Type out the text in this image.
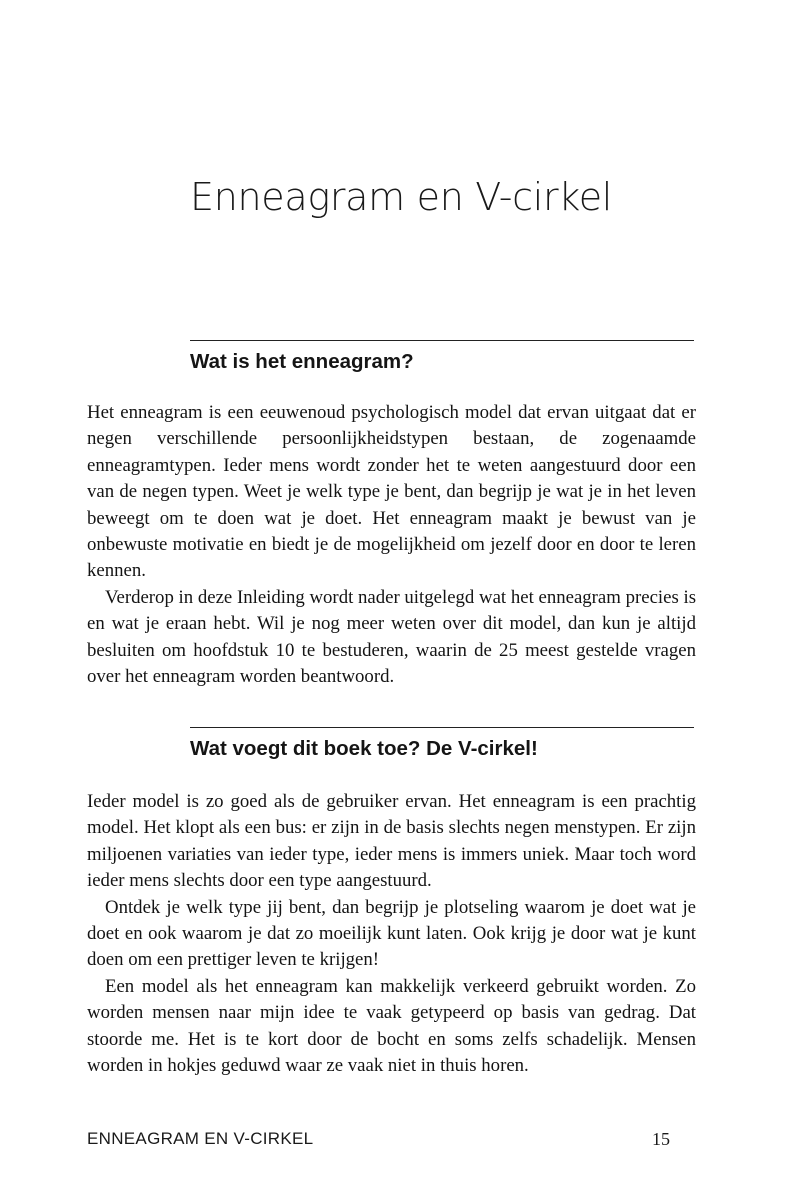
Enneagram en V-cirkel
Wat is het enneagram?

Het enneagram is een eeuwenoud psychologisch model dat ervan uitgaat dat er negen verschillende persoonlijkheidstypen bestaan, de zogenaamde enneagramtypen. Ieder mens wordt zonder het te weten aangestuurd door een van de negen typen. Weet je welk type je bent, dan begrijp je wat je in het leven beweegt om te doen wat je doet. Het enneagram maakt je bewust van je onbewuste motivatie en biedt je de mogelijkheid om jezelf door en door te leren kennen.

Verderop in deze Inleiding wordt nader uitgelegd wat het enneagram precies is en wat je eraan hebt. Wil je nog meer weten over dit model, dan kun je altijd besluiten om hoofdstuk 10 te bestuderen, waarin de 25 meest gestelde vragen over het enneagram worden beantwoord.

Wat voegt dit boek toe? De V-cirkel!

Ieder model is zo goed als de gebruiker ervan. Het enneagram is een prachtig model. Het klopt als een bus: er zijn in de basis slechts negen menstypen. Er zijn miljoenen variaties van ieder type, ieder mens is immers uniek. Maar toch word ieder mens slechts door een type aangestuurd.

Ontdek je welk type jij bent, dan begrijp je plotseling waarom je doet wat je doet en ook waarom je dat zo moeilijk kunt laten. Ook krijg je door wat je kunt doen om een prettiger leven te krijgen!

Een model als het enneagram kan makkelijk verkeerd gebruikt worden. Zo worden mensen naar mijn idee te vaak getypeerd op basis van gedrag. Dat stoorde me. Het is te kort door de bocht en soms zelfs schadelijk. Mensen worden in hokjes geduwd waar ze vaak niet in thuis horen.

ENNEAGRAM EN V-CIRKEL	15
